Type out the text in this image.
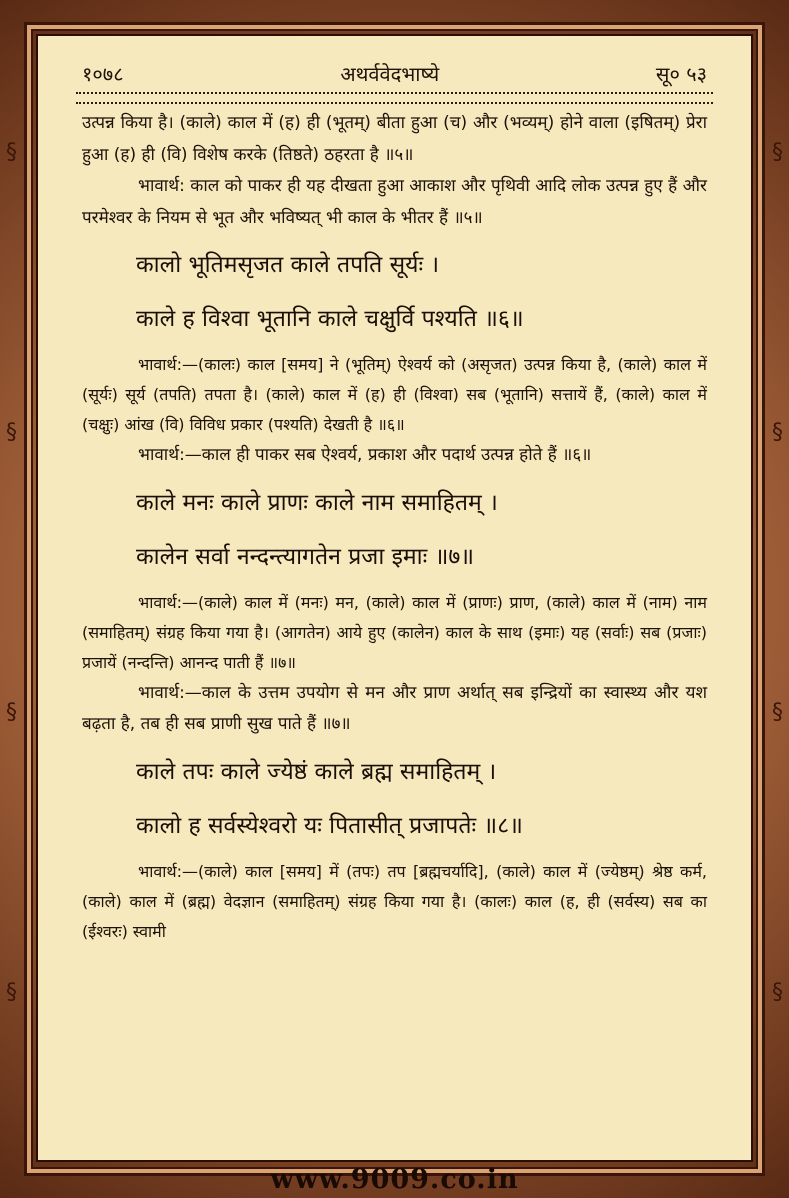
§
§
§
§
§
§
§
§
१०७८	अथर्ववेदभाष्ये	सू० ५३

उत्पन्न किया है। (काले) काल में (ह) ही (भूतम्) बीता हुआ (च) और (भव्यम्) होने वाला (इषितम्) प्रेरा हुआ (ह) ही (वि) विशेष करके (तिष्ठते) ठहरता है ॥५॥

भावार्थ: काल को पाकर ही यह दीखता हुआ आकाश और पृथिवी आदि लोक उत्पन्न हुए हैं और परमेश्वर के नियम से भूत और भविष्यत् भी काल के भीतर हैं ॥५॥

कालो भूतिमसृजत काले तपति सूर्यः ।

काले ह विश्वा भूतानि काले चक्षुर्वि पश्यति ॥६॥

भावार्थ:—(कालः) काल [समय] ने (भूतिम्) ऐश्वर्य को (असृजत) उत्पन्न किया है, (काले) काल में (सूर्यः) सूर्य (तपति) तपता है। (काले) काल में (ह) ही (विश्वा) सब (भूतानि) सत्तायें हैं, (काले) काल में (चक्षुः) आंख (वि) विविध प्रकार (पश्यति) देखती है ॥६॥

भावार्थ:—काल ही पाकर सब ऐश्वर्य, प्रकाश और पदार्थ उत्पन्न होते हैं ॥६॥

काले मनः काले प्राणः काले नाम समाहितम् ।

कालेन सर्वा नन्दन्त्यागतेन प्रजा इमाः ॥७॥

भावार्थ:—(काले) काल में (मनः) मन, (काले) काल में (प्राणः) प्राण, (काले) काल में (नाम) नाम (समाहितम्) संग्रह किया गया है। (आगतेन) आये हुए (कालेन) काल के साथ (इमाः) यह (सर्वाः) सब (प्रजाः) प्रजायें (नन्दन्ति) आनन्द पाती हैं ॥७॥

भावार्थ:—काल के उत्तम उपयोग से मन और प्राण अर्थात् सब इन्द्रियों का स्वास्थ्य और यश बढ़ता है, तब ही सब प्राणी सुख पाते हैं ॥७॥

काले तपः काले ज्येष्ठं काले ब्रह्म समाहितम् ।

कालो ह सर्वस्येश्वरो यः पितासीत् प्रजापतेः ॥८॥

भावार्थ:—(काले) काल [समय] में (तपः) तप [ब्रह्मचर्यादि], (काले) काल में (ज्येष्ठम्) श्रेष्ठ कर्म, (काले) काल में (ब्रह्म) वेदज्ञान (समाहितम्) संग्रह किया गया है। (कालः) काल (ह, ही (सर्वस्य) सब का (ईश्वरः) स्वामी

www.9009.co.in
